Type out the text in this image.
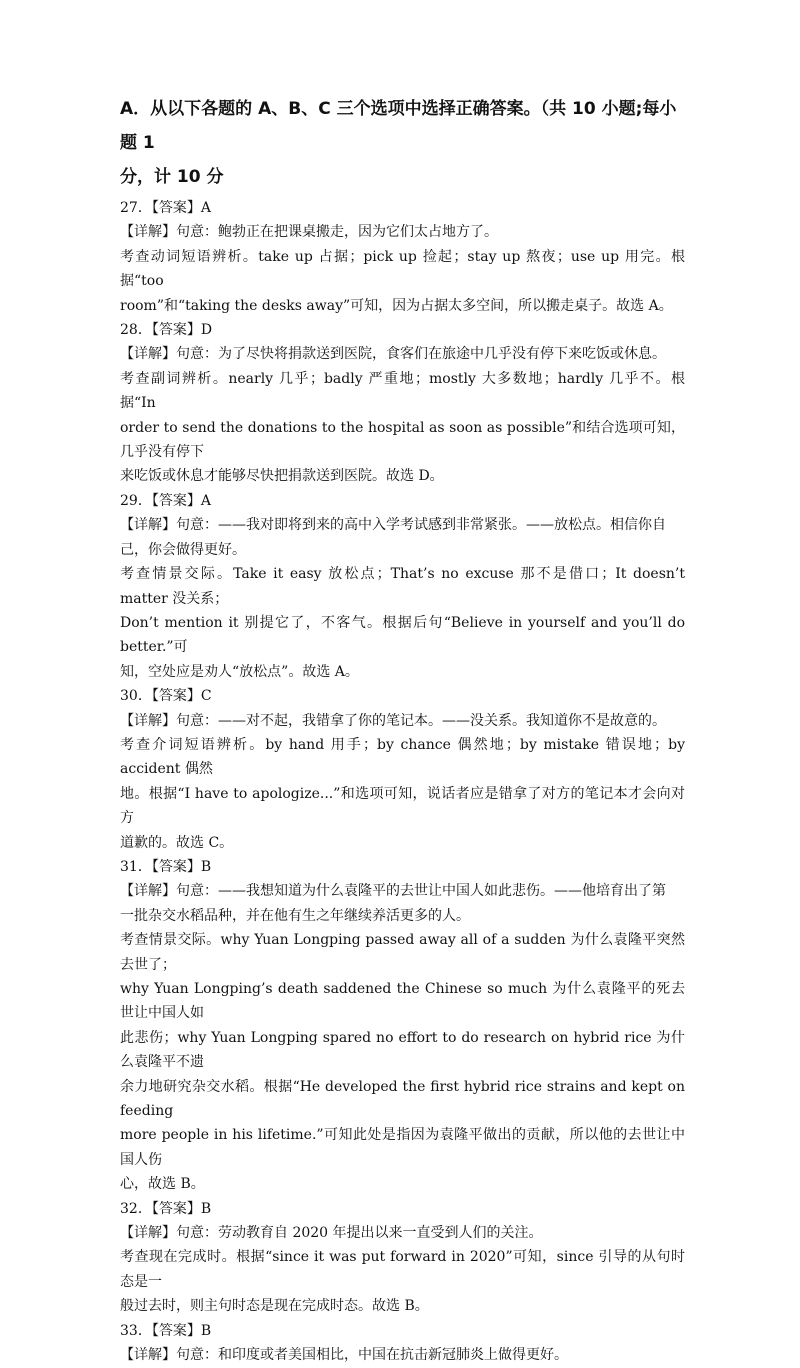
A．从以下各题的 A、B、C 三个选项中选择正确答案。（共 10 小题;每小题 1
分，计 10 分

27．【答案】A

【详解】句意：鲍勃正在把课桌搬走，因为它们太占地方了。

考查动词短语辨析。take up 占据；pick up 捡起；stay up 熬夜；use up 用完。根据“too

room”和“taking the desks away”可知，因为占据太多空间，所以搬走桌子。故选 A。

28．【答案】D

【详解】句意：为了尽快将捐款送到医院，食客们在旅途中几乎没有停下来吃饭或休息。

考查副词辨析。nearly 几乎；badly 严重地；mostly 大多数地；hardly 几乎不。根据“In

order to send the donations to the hospital as soon as possible”和结合选项可知，几乎没有停下

来吃饭或休息才能够尽快把捐款送到医院。故选 D。

29．【答案】A

【详解】句意：——我对即将到来的高中入学考试感到非常紧张。——放松点。相信你自

己，你会做得更好。

考查情景交际。Take it easy 放松点；That’s no excuse 那不是借口；It doesn’t matter 没关系；

Don’t mention it 别提它了，不客气。根据后句“Believe in yourself and you’ll do better.”可

知，空处应是劝人“放松点”。故选 A。

30．【答案】C

【详解】句意：——对不起，我错拿了你的笔记本。——没关系。我知道你不是故意的。

考查介词短语辨析。by hand 用手；by chance 偶然地；by mistake 错误地；by accident 偶然

地。根据“I have to apologize...”和选项可知，说话者应是错拿了对方的笔记本才会向对方

道歉的。故选 C。

31．【答案】B

【详解】句意：——我想知道为什么袁隆平的去世让中国人如此悲伤。——他培育出了第

一批杂交水稻品种，并在他有生之年继续养活更多的人。

考查情景交际。why Yuan Longping passed away all of a sudden 为什么袁隆平突然去世了；

why Yuan Longping’s death saddened the Chinese so much 为什么袁隆平的死去世让中国人如

此悲伤；why Yuan Longping spared no effort to do research on hybrid rice 为什么袁隆平不遗

余力地研究杂交水稻。根据“He developed the first hybrid rice strains and kept on feeding

more people in his lifetime.”可知此处是指因为袁隆平做出的贡献，所以他的去世让中国人伤

心，故选 B。

32．【答案】B

【详解】句意：劳动教育自 2020 年提出以来一直受到人们的关注。

考查现在完成时。根据“since it was put forward in 2020”可知，since 引导的从句时态是一

般过去时，则主句时态是现在完成时态。故选 B。

33．【答案】B

【详解】句意：和印度或者美国相比，中国在抗击新冠肺炎上做得更好。
